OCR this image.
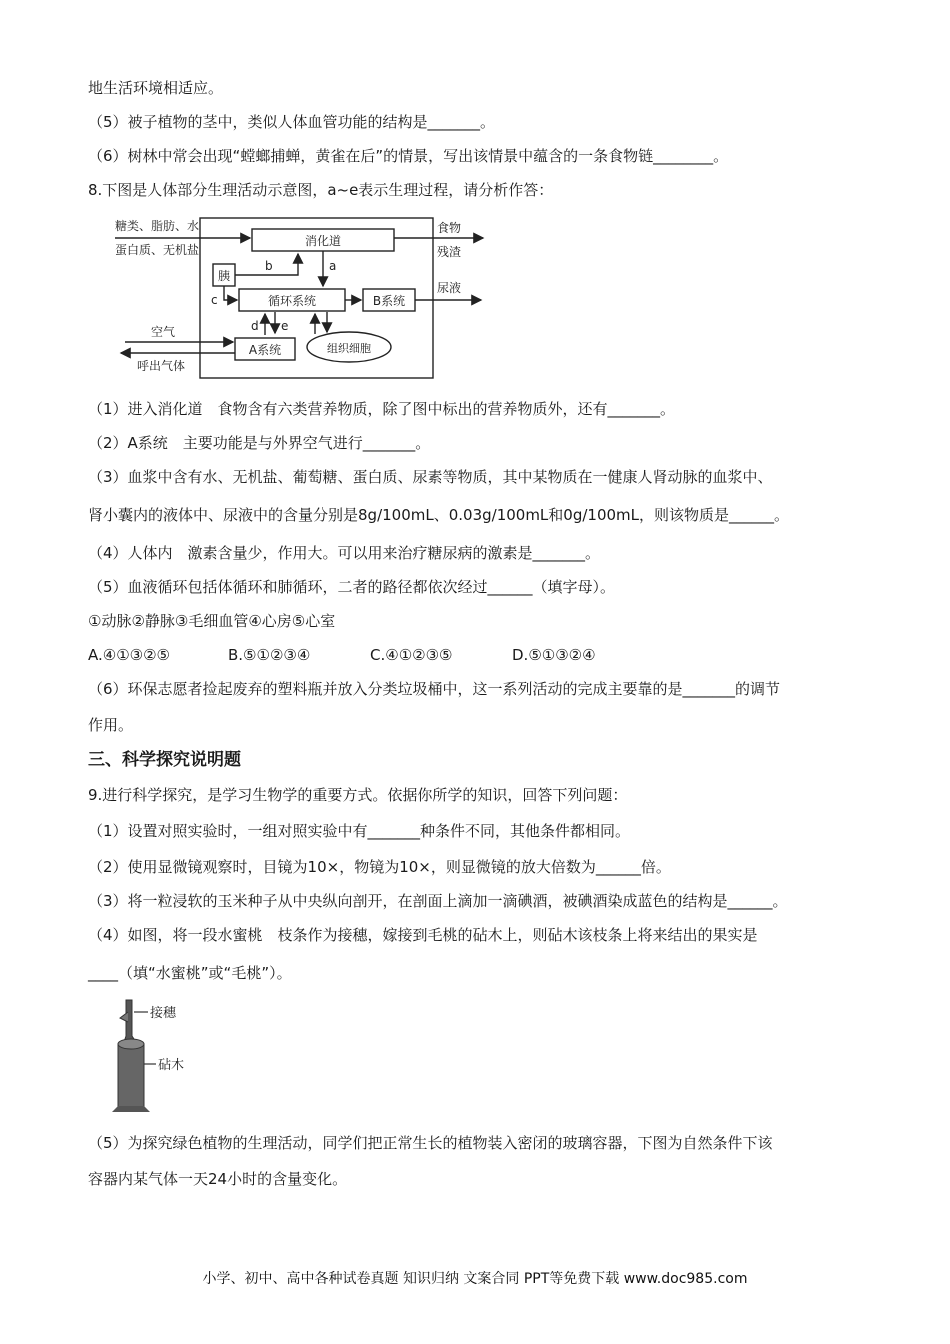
地生活环境相适应。
（5）被子植物的茎中，类似人体血管功能的结构是_______。
（6）树林中常会出现“螳螂捕蝉，黄雀在后”的情景，写出该情景中蕴含的一条食物链________。
8.下图是人体部分生理活动示意图，a~e表示生理过程，请分析作答：
糖类、脂肪、水
蛋白质、无机盐
消化道
食物
残渣
胰
b	a
c	循环系统	B系统
尿液
d e
A系统	组织细胞
空气
呼出气体
（1）进入消化道　食物含有六类营养物质，除了图中标出的营养物质外，还有_______。
（2）A系统　主要功能是与外界空气进行_______。
（3）血浆中含有水、无机盐、葡萄糖、蛋白质、尿素等物质，其中某物质在一健康人肾动脉的血浆中、
肾小囊内的液体中、尿液中的含量分别是8g/100mL、0.03g/100mL和0g/100mL，则该物质是______。
（4）人体内　激素含量少，作用大。可以用来治疗糖尿病的激素是_______。
（5）血液循环包括体循环和肺循环，二者的路径都依次经过______（填字母）。
①动脉②静脉③毛细血管④心房⑤心室
A.④①③②⑤	B.⑤①②③④	C.④①②③⑤	D.⑤①③②④
（6）环保志愿者捡起废弃的塑料瓶并放入分类垃圾桶中，这一系列活动的完成主要靠的是_______的调节
作用。
三、科学探究说明题
9.进行科学探究，是学习生物学的重要方式。依据你所学的知识，回答下列问题：
（1）设置对照实验时，一组对照实验中有_______种条件不同，其他条件都相同。
（2）使用显微镜观察时，目镜为10×，物镜为10×，则显微镜的放大倍数为______倍。
（3）将一粒浸软的玉米种子从中央纵向剖开，在剖面上滴加一滴碘酒，被碘酒染成蓝色的结构是______。
（4）如图，将一段水蜜桃　枝条作为接穗，嫁接到毛桃的砧木上，则砧木该枝条上将来结出的果实是
____（填“水蜜桃”或“毛桃”）。
接穗
砧木
（5）为探究绿色植物的生理活动，同学们把正常生长的植物装入密闭的玻璃容器，下图为自然条件下该
容器内某气体一天24小时的含量变化。
小学、初中、高中各种试卷真题 知识归纳 文案合同 PPT等免费下载 www.doc985.com
